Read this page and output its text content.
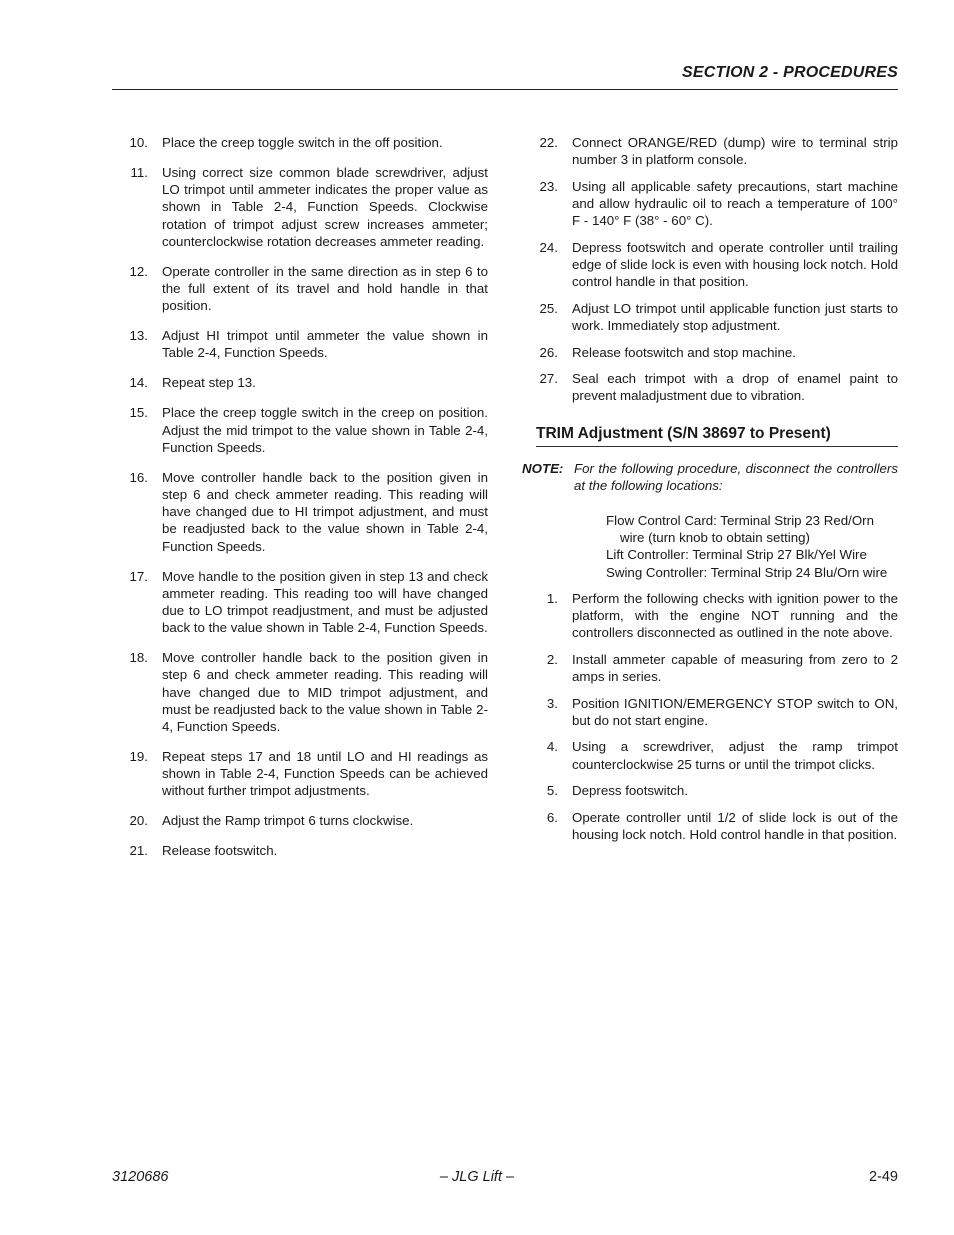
SECTION 2 - PROCEDURES
10. Place the creep toggle switch in the off position.
11. Using correct size common blade screwdriver, adjust LO trimpot until ammeter indicates the proper value as shown in Table 2-4, Function Speeds. Clockwise rotation of trimpot adjust screw increases ammeter; counterclockwise rotation decreases ammeter reading.
12. Operate controller in the same direction as in step 6 to the full extent of its travel and hold handle in that position.
13. Adjust HI trimpot until ammeter the value shown in Table 2-4, Function Speeds.
14. Repeat step 13.
15. Place the creep toggle switch in the creep on position. Adjust the mid trimpot to the value shown in Table 2-4, Function Speeds.
16. Move controller handle back to the position given in step 6 and check ammeter reading. This reading will have changed due to HI trimpot adjustment, and must be readjusted back to the value shown in Table 2-4, Function Speeds.
17. Move handle to the position given in step 13 and check ammeter reading. This reading too will have changed due to LO trimpot readjustment, and must be adjusted back to the value shown in Table 2-4, Function Speeds.
18. Move controller handle back to the position given in step 6 and check ammeter reading. This reading will have changed due to MID trimpot adjustment, and must be readjusted back to the value shown in Table 2-4, Function Speeds.
19. Repeat steps 17 and 18 until LO and HI readings as shown in Table 2-4, Function Speeds can be achieved without further trimpot adjustments.
20. Adjust the Ramp trimpot 6 turns clockwise.
21. Release footswitch.
22. Connect ORANGE/RED (dump) wire to terminal strip number 3 in platform console.
23. Using all applicable safety precautions, start machine and allow hydraulic oil to reach a temperature of 100° F - 140° F (38° - 60° C).
24. Depress footswitch and operate controller until trailing edge of slide lock is even with housing lock notch. Hold control handle in that position.
25. Adjust LO trimpot until applicable function just starts to work. Immediately stop adjustment.
26. Release footswitch and stop machine.
27. Seal each trimpot with a drop of enamel paint to prevent maladjustment due to vibration.
TRIM Adjustment (S/N 38697 to Present)
NOTE: For the following procedure, disconnect the controllers at the following locations:
Flow Control Card: Terminal Strip 23 Red/Orn wire (turn knob to obtain setting)
Lift Controller: Terminal Strip 27 Blk/Yel Wire
Swing Controller: Terminal Strip 24 Blu/Orn wire
1. Perform the following checks with ignition power to the platform, with the engine NOT running and the controllers disconnected as outlined in the note above.
2. Install ammeter capable of measuring from zero to 2 amps in series.
3. Position IGNITION/EMERGENCY STOP switch to ON, but do not start engine.
4. Using a screwdriver, adjust the ramp trimpot counterclockwise 25 turns or until the trimpot clicks.
5. Depress footswitch.
6. Operate controller until 1/2 of slide lock is out of the housing lock notch. Hold control handle in that position.
3120686	– JLG Lift –	2-49
